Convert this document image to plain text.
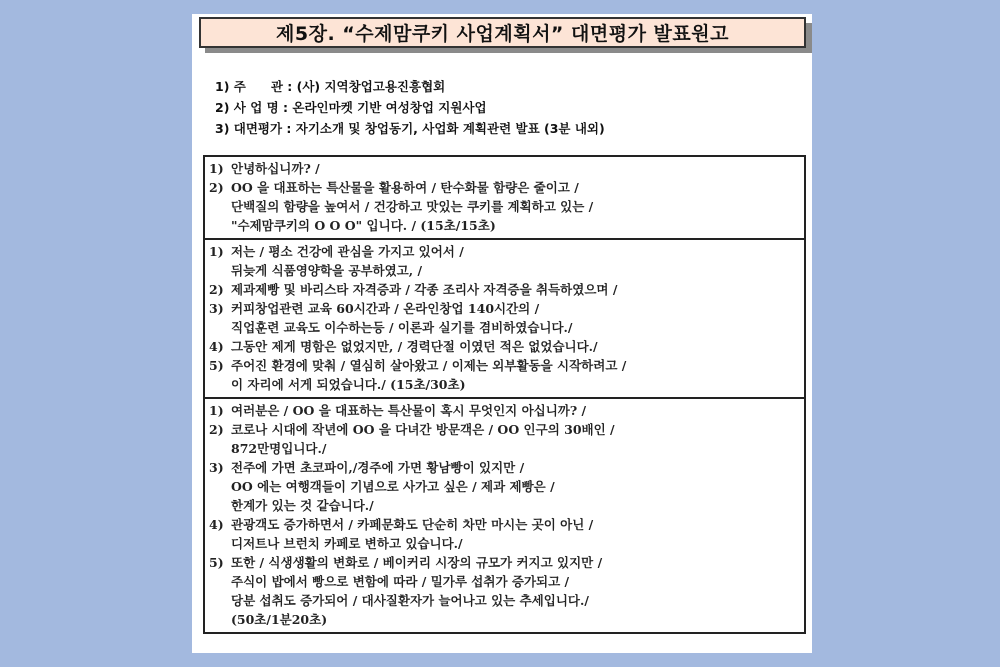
제5장. “수제맘쿠키 사업계획서” 대면평가 발표원고
1) 주　　관 : (사) 지역창업고용진흥협회
2) 사 업 명 : 온라인마켓 기반 여성창업 지원사업
3) 대면평가 : 자기소개 및 창업동기, 사업화 계획관련 발표 (3분 내외)
1) 안녕하십니까? /
2) OO 을 대표하는 특산물을 활용하여 / 탄수화물 함량은 줄이고 /
단백질의 함량을 높여서 / 건강하고 맛있는 쿠키를 계획하고 있는 /
"수제맘쿠키의 O O O" 입니다. / (15초/15초)
1) 저는 / 평소 건강에 관심을 가지고 있어서 /
뒤늦게 식품영양학을 공부하였고, /
2) 제과제빵 및 바리스타 자격증과 / 각종 조리사 자격증을 취득하였으며 /
3) 커피창업관련 교육 60시간과 / 온라인창업 140시간의 /
직업훈련 교육도 이수하는등 / 이론과 실기를 겸비하였습니다./
4) 그동안 제게 명함은 없었지만, / 경력단절 이였던 적은 없었습니다./
5) 주어진 환경에 맞춰 / 열심히 살아왔고 / 이제는 외부활동을 시작하려고 /
이 자리에 서게 되었습니다./ (15초/30초)
1) 여러분은 / OO 을 대표하는 특산물이 혹시 무엇인지 아십니까? /
2) 코로나 시대에 작년에 OO 을 다녀간 방문객은 / OO 인구의 30배인 /
872만명입니다./
3) 전주에 가면 초코파이,/경주에 가면 황남빵이 있지만 /
OO 에는 여행객들이 기념으로 사가고 싶은 / 제과 제빵은 /
한계가 있는 것 같습니다./
4) 관광객도 증가하면서 / 카페문화도 단순히 차만 마시는 곳이 아닌 /
디저트나 브런치 카페로 변하고 있습니다./
5) 또한 / 식생생활의 변화로 / 베이커리 시장의 규모가 커지고 있지만 /
주식이 밥에서 빵으로 변함에 따라 / 밀가루 섭취가 증가되고 /
당분 섭취도 증가되어 / 대사질환자가 늘어나고 있는 추세입니다./
(50초/1분20초)
